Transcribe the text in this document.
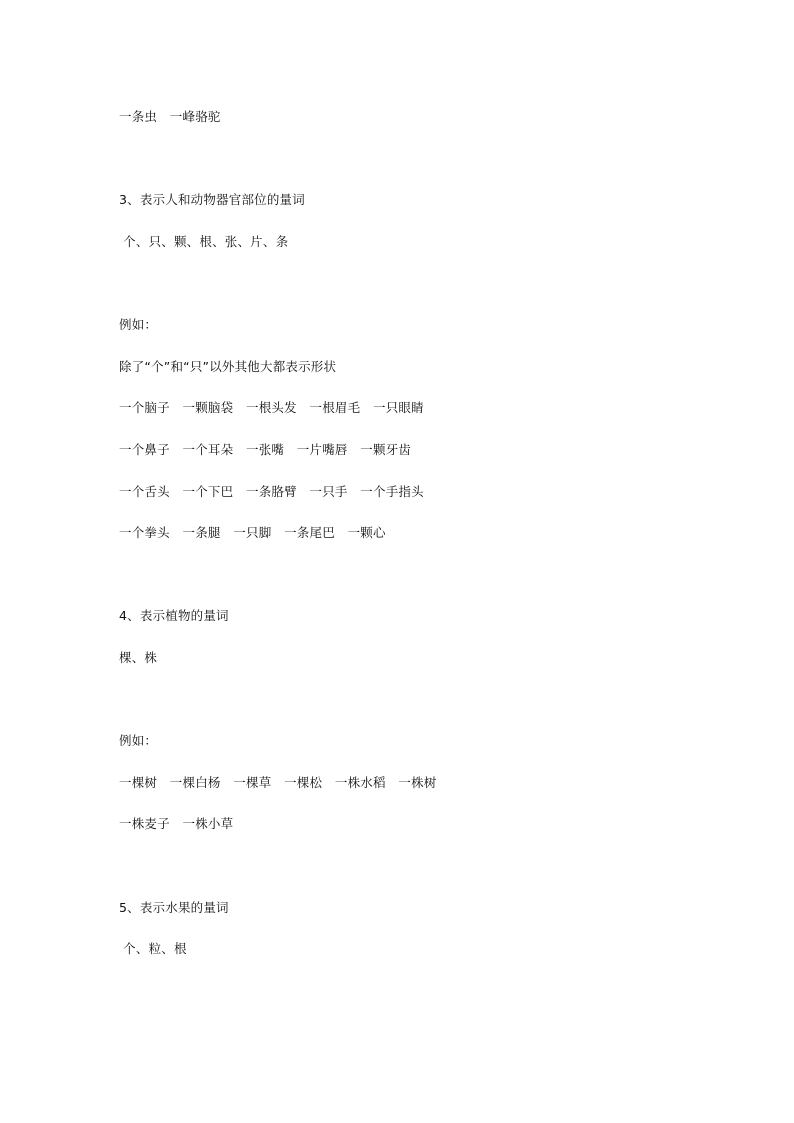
一条虫　一峰骆驼
3、表示人和动物器官部位的量词
个、只、颗、根、张、片、条
例如：
除了“个”和“只”以外其他大都表示形状
一个脑子　一颗脑袋　一根头发　一根眉毛　一只眼睛
一个鼻子　一个耳朵　一张嘴　一片嘴唇　一颗牙齿
一个舌头　一个下巴　一条胳臂　一只手　一个手指头
一个拳头　一条腿　一只脚　一条尾巴　一颗心
4、表示植物的量词
棵、株
例如：
一棵树　一棵白杨　一棵草　一棵松　一株水稻　一株树
一株麦子　一株小草
5、表示水果的量词
个、粒、根
